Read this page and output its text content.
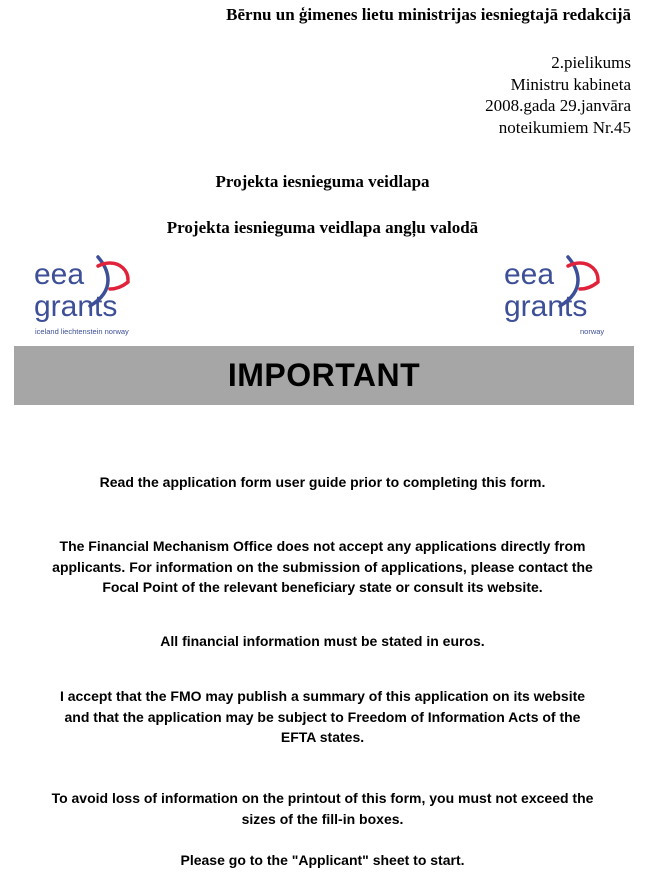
Bērnu un ģimenes lietu ministrijas iesniegtajā redakcijā
2.pielikums
Ministru kabineta
2008.gada 29.janvāra
noteikumiem Nr.45
Projekta iesnieguma veidlapa
Projekta iesnieguma veidlapa angļu valodā
eea
grants
iceland liechtenstein norway
eea
grants
norway
IMPORTANT
Read the application form user guide prior to completing this form.
The Financial Mechanism Office does not accept any applications directly from
applicants. For information on the submission of applications, please contact the
Focal Point of the relevant beneficiary state or consult its website.
All financial information must be stated in euros.
I accept that the FMO may publish a summary of this application on its website
and that the application may be subject to Freedom of Information Acts of the
EFTA states.
To avoid loss of information on the printout of this form, you must not exceed the
sizes of the fill-in boxes.
Please go to the "Applicant" sheet to start.
